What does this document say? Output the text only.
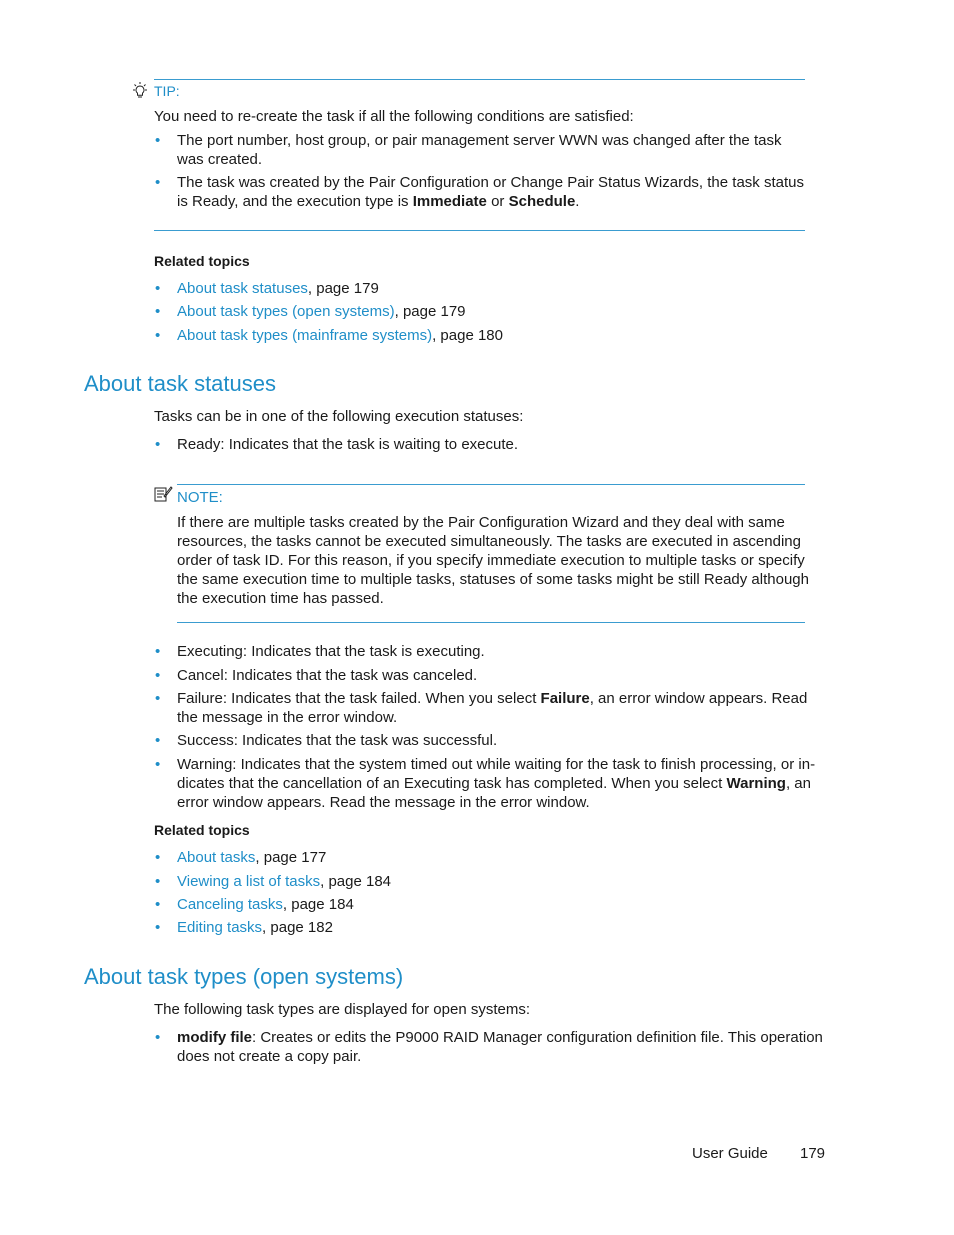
TIP:
You need to re-create the task if all the following conditions are satisfied:
• The port number, host group, or pair management server WWN was changed after the task was created.
• The task was created by the Pair Configuration or Change Pair Status Wizards, the task status is Ready, and the execution type is Immediate or Schedule.
Related topics
• About task statuses, page 179
• About task types (open systems), page 179
• About task types (mainframe systems), page 180
About task statuses
Tasks can be in one of the following execution statuses:
• Ready: Indicates that the task is waiting to execute.
NOTE:
If there are multiple tasks created by the Pair Configuration Wizard and they deal with same resources, the tasks cannot be executed simultaneously. The tasks are executed in ascending order of task ID. For this reason, if you specify immediate execution to multiple tasks or specify the same execution time to multiple tasks, statuses of some tasks might be still Ready although the execution time has passed.
• Executing: Indicates that the task is executing.
• Cancel: Indicates that the task was canceled.
• Failure: Indicates that the task failed. When you select Failure, an error window appears. Read the message in the error window.
• Success: Indicates that the task was successful.
• Warning: Indicates that the system timed out while waiting for the task to finish processing, or indicates that the cancellation of an Executing task has completed. When you select Warning, an error window appears. Read the message in the error window.
Related topics
• About tasks, page 177
• Viewing a list of tasks, page 184
• Canceling tasks, page 184
• Editing tasks, page 182
About task types (open systems)
The following task types are displayed for open systems:
• modify file: Creates or edits the P9000 RAID Manager configuration definition file. This operation does not create a copy pair.
User Guide 179
